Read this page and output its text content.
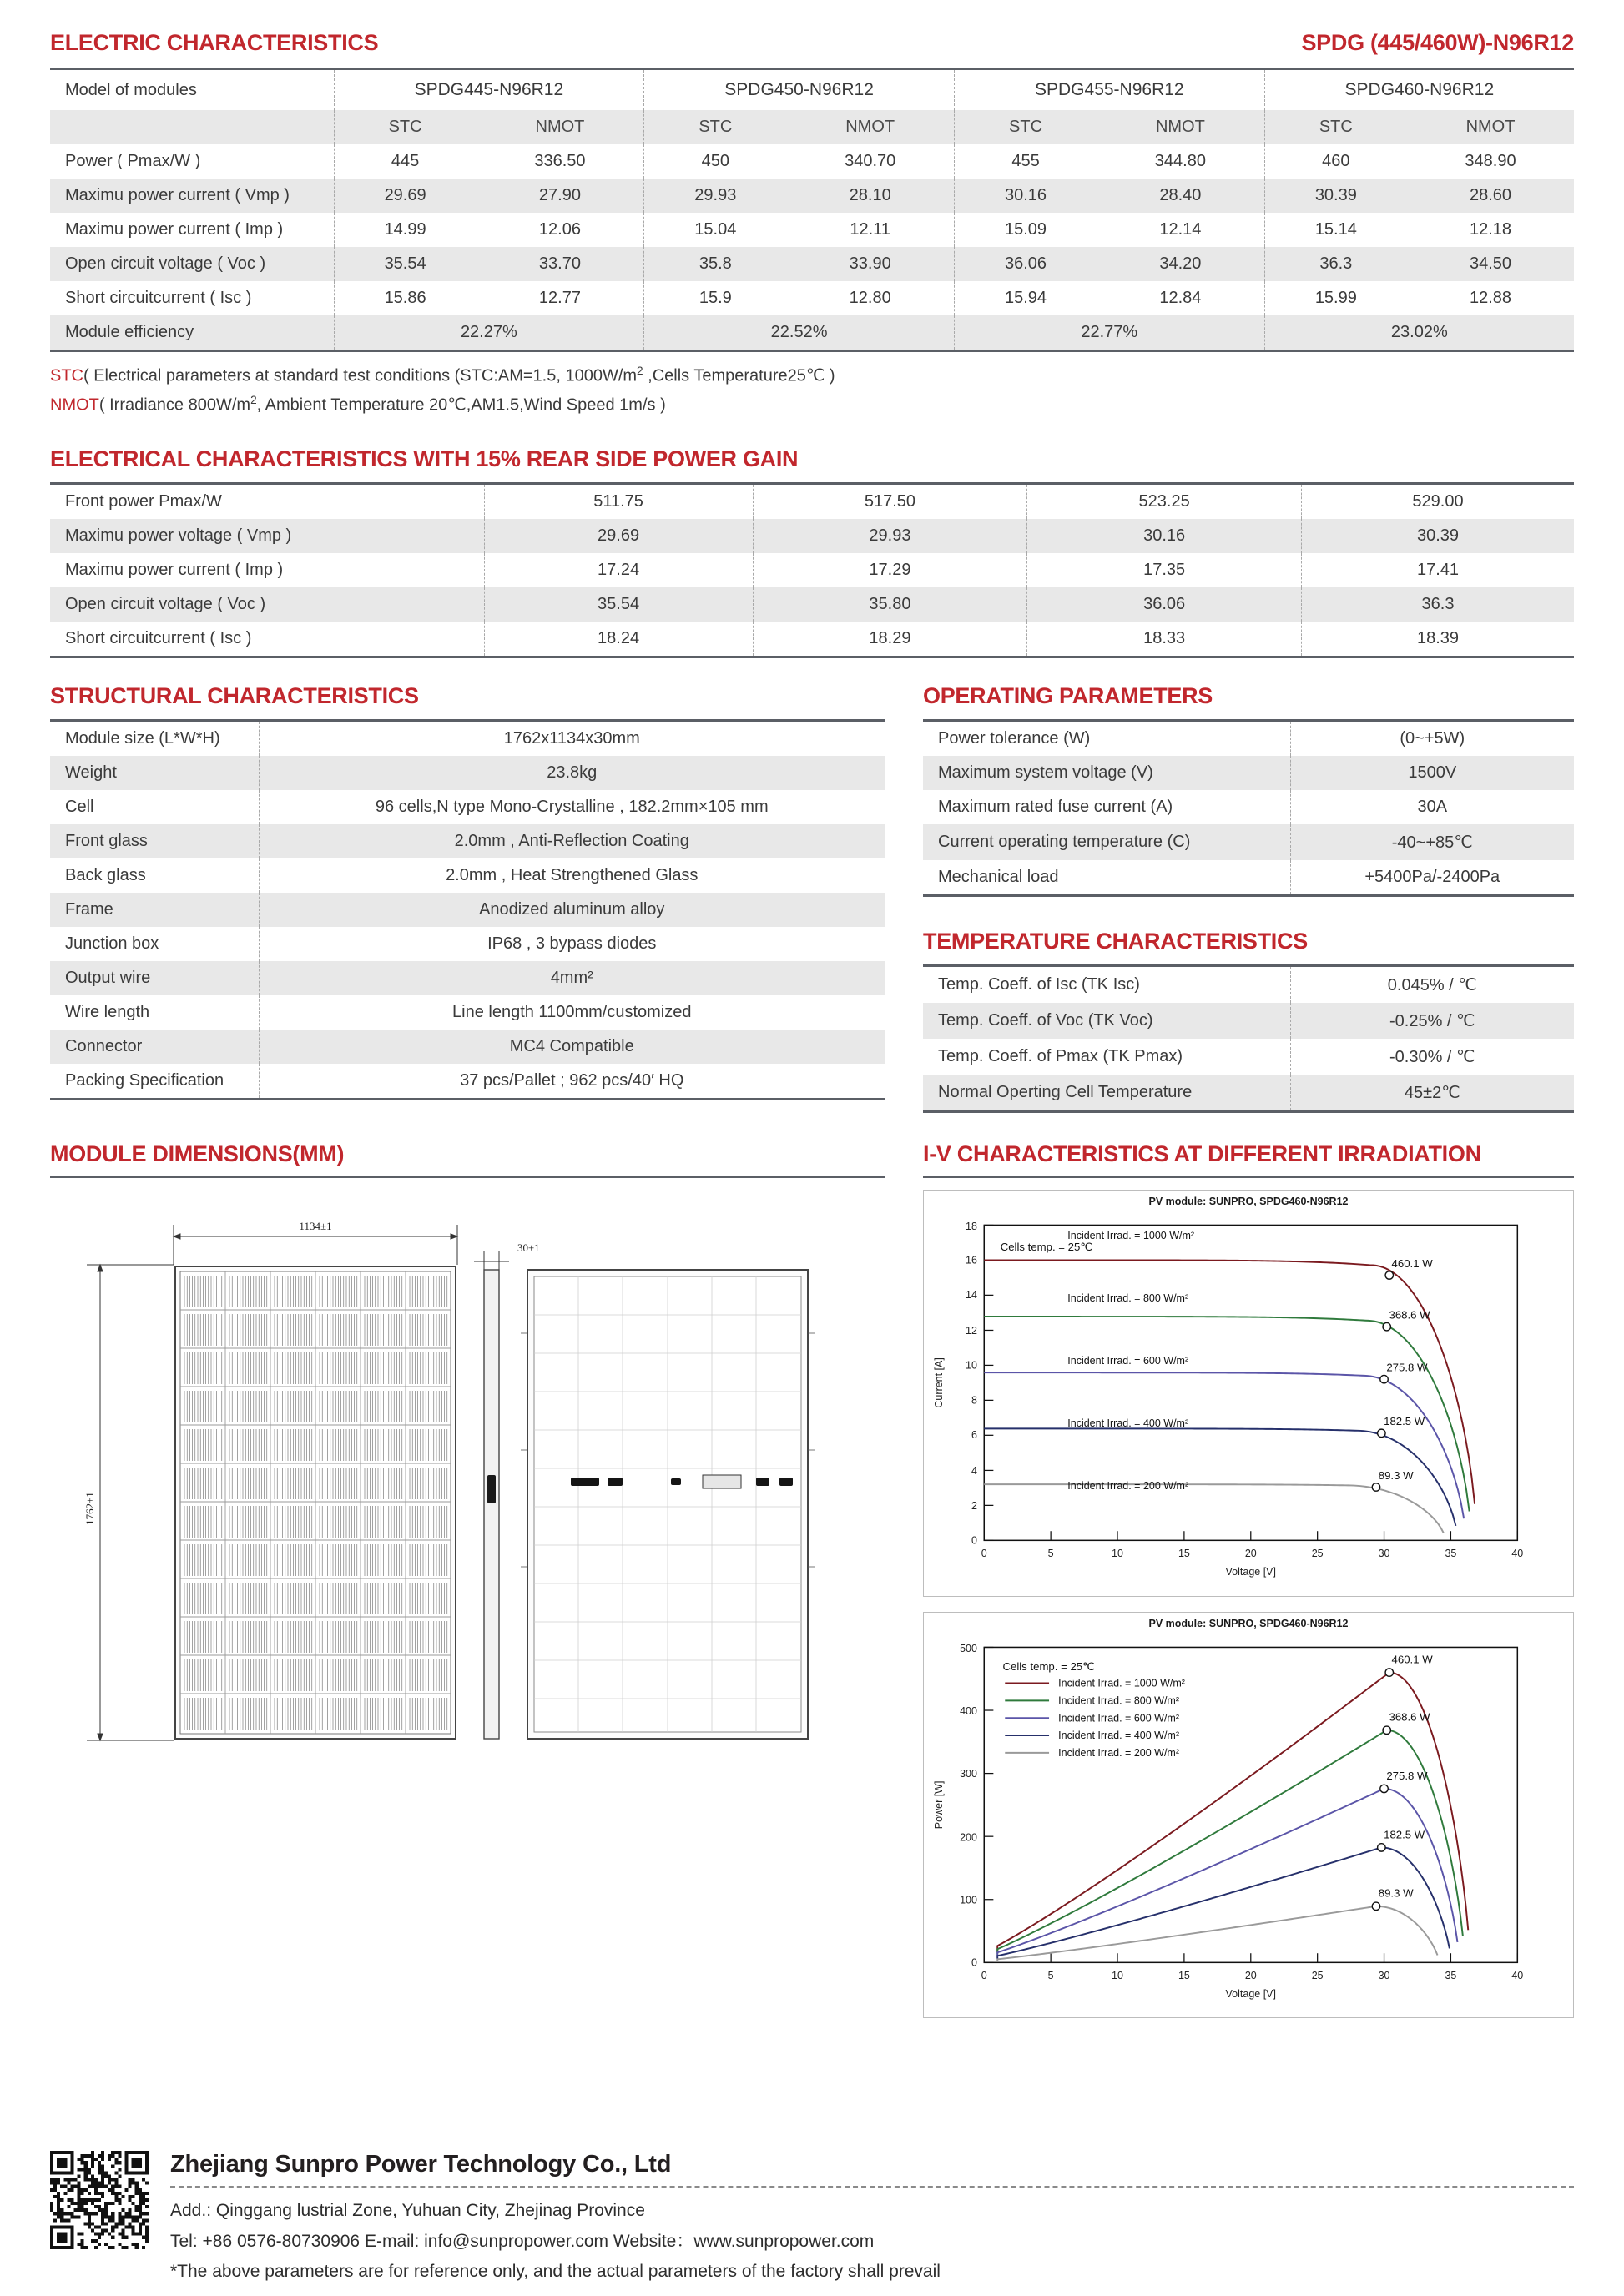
ELECTRIC CHARACTERISTICS	SPDG (445/460W)-N96R12
Model of modules	SPDG445-N96R12		SPDG450-N96R12		SPDG455-N96R12		SPDG460-N96R12	
	STC	NMOT	STC	NMOT	STC	NMOT	STC	NMOT
Power ( Pmax/W )	445	336.50	450	340.70	455	344.80	460	348.90
Maximu power current ( Vmp )	29.69	27.90	29.93	28.10	30.16	28.40	30.39	28.60
Maximu power current ( Imp )	14.99	12.06	15.04	12.11	15.09	12.14	15.14	12.18
Open circuit voltage ( Voc )	35.54	33.70	35.8	33.90	36.06	34.20	36.3	34.50
Short circuitcurrent ( Isc )	15.86	12.77	15.9	12.80	15.94	12.84	15.99	12.88
Module efficiency	22.27%		22.52%		22.77%		23.02%	
STC( Electrical parameters at standard test conditions (STC:AM=1.5, $1000W/m^2$ ,Cells Temperature25℃ )
NMOT( Irradiance $800W/m^2$, Ambient Temperature 20℃,AM1.5,Wind Speed 1m/s )
ELECTRICAL CHARACTERISTICS WITH 15% REAR SIDE POWER GAIN
Front power Pmax/W	511.75	517.50	523.25	529.00
Maximu power voltage ( Vmp )	29.69	29.93	30.16	30.39
Maximu power current ( Imp )	17.24	17.29	17.35	17.41
Open circuit voltage ( Voc )	35.54	35.80	36.06	36.3
Short circuitcurrent ( Isc )	18.24	18.29	18.33	18.39
STRUCTURAL CHARACTERISTICS
Module size (L*W*H)	1762x1134x30mm
Weight	23.8kg
Cell	96 cells,N type Mono-Crystalline , 182.2mm×105 mm
Front glass	2.0mm , Anti-Reflection Coating
Back glass	2.0mm , Heat Strengthened Glass
Frame	Anodized aluminum alloy
Junction box	IP68 , 3 bypass diodes
Output wire	4mm²
Wire length	Line length 1100mm/customized
Connector	MC4 Compatible
Packing Specification	37 pcs/Pallet ; 962 pcs/40′ HQ
OPERATING PARAMETERS
Power tolerance (W)	(0~+5W)
Maximum system voltage (V)	1500V
Maximum rated fuse current (A)	30A
Current operating temperature (C)	-40~+85℃
Mechanical load	+5400Pa/-2400Pa
TEMPERATURE CHARACTERISTICS
Temp. Coeff. of Isc (TK Isc)	0.045% / ℃
Temp. Coeff. of Voc (TK Voc)	-0.25% / ℃
Temp. Coeff. of Pmax (TK Pmax)	-0.30% / ℃
Normal Operting Cell Temperature	45±2℃
MODULE DIMENSIONS(MM)
1134±1
1762±1
30±1
I-V CHARACTERISTICS AT DIFFERENT IRRADIATION
PV module: SUNPRO, SPDG460-N96R12
0
2
4
6
8
10
12
14
16
18
0	5	10	15	20	25	30	35	40
Voltage [V]
Current [A]
Cells temp. = 25℃
Incident Irrad. = 1000 W/m²
460.1 W
Incident Irrad. = 800 W/m²
368.6 W
Incident Irrad. = 600 W/m²
275.8 W
Incident Irrad. = 400 W/m²	182.5 W
Incident Irrad. = 200 W/m²
89.3 W
PV module: SUNPRO, SPDG460-N96R12
0
100
200
300
400
500
0	5	10	15	20	25	30	35	40
Voltage [V]
Power [W]
Cells temp. = 25℃
460.1 W
368.6 W
275.8 W
182.5 W
89.3 W
Incident Irrad. = 1000 W/m²
Incident Irrad. = 800 W/m²
Incident Irrad. = 600 W/m²
Incident Irrad. = 400 W/m²
Incident Irrad. = 200 W/m²
Zhejiang Sunpro Power Technology Co., Ltd
Add.: Qinggang lustrial Zone, Yuhuan City, Zhejinag Province
Tel: +86 0576-80730906 E-mail: info@sunpropower.com Website：www.sunpropower.com
*The above parameters are for reference only, and the actual parameters of the factory shall prevail
